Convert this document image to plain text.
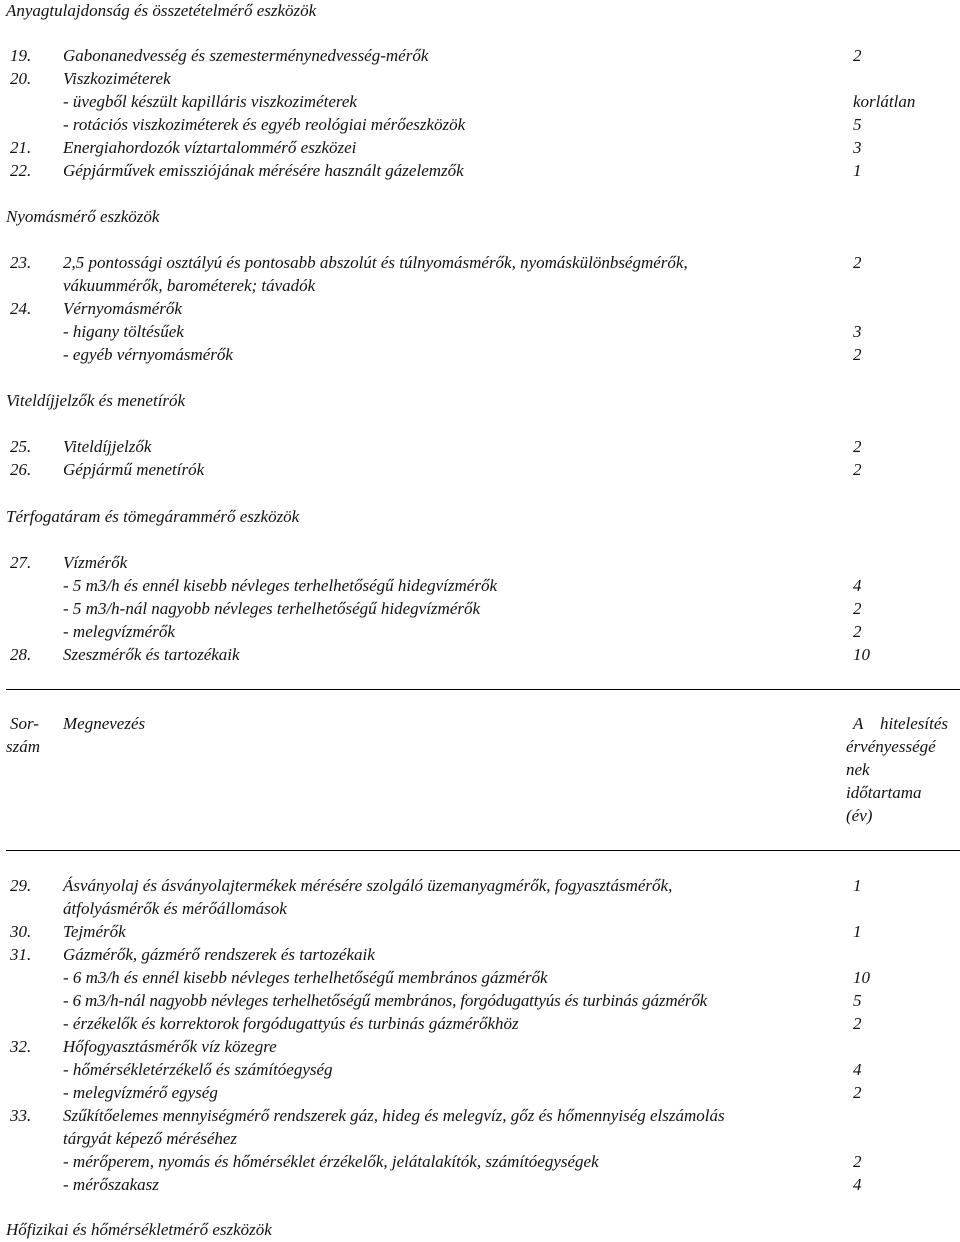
Anyagtulajdonság és összetételmérő eszközök
19. Gabonanedvesség és szemesterménynedvesség-mérők	2
20. Viszkoziméterek
- üvegből készült kapilláris viszkoziméterek	korlátlan
- rotációs viszkoziméterek és egyéb reológiai mérőeszközök	5
21. Energiahordozók víztartalommérő eszközei	3
22. Gépjárművek emissziójának mérésére használt gázelemzők	1
Nyomásmérő eszközök
23. 2,5 pontossági osztályú és pontosabb abszolút és túlnyomásmérők, nyomáskülönbségmérők,	2
vákuummérők, barométerek; távadók
24. Vérnyomásmérők
- higany töltésűek	3
- egyéb vérnyomásmérők	2
Viteldíjjelzők és menetírók
25. Viteldíjjelzők	2
26. Gépjármű menetírók	2
Térfogatáram és tömegárammérő eszközök
27. Vízmérők
- 5 m3/h és ennél kisebb névleges terhelhetőségű hidegvízmérők	4
- 5 m3/h-nál nagyobb névleges terhelhetőségű hidegvízmérők	2
- melegvízmérők	2
28. Szeszmérők és tartozékaik	10
Sor-
szám
Megnevezés	A hitelesítés
érvényességé
nek
időtartama
(év)
29. Ásványolaj és ásványolajtermékek mérésére szolgáló üzemanyagmérők, fogyasztásmérők,	1
átfolyásmérők és mérőállomások
30. Tejmérők	1
31. Gázmérők, gázmérő rendszerek és tartozékaik
- 6 m3/h és ennél kisebb névleges terhelhetőségű membrános gázmérők	10
- 6 m3/h-nál nagyobb névleges terhelhetőségű membrános, forgódugattyús és turbinás gázmérők	5
- érzékelők és korrektorok forgódugattyús és turbinás gázmérőkhöz	2
32. Hőfogyasztásmérők víz közegre
- hőmérsékletérzékelő és számítóegység	4
- melegvízmérő egység	2
33. Szűkítőelemes mennyiségmérő rendszerek gáz, hideg és melegvíz, gőz és hőmennyiség elszámolás
tárgyát képező méréséhez
- mérőperem, nyomás és hőmérséklet érzékelők, jelátalakítók, számítóegységek	2
- mérőszakasz	4
Hőfizikai és hőmérsékletmérő eszközök
